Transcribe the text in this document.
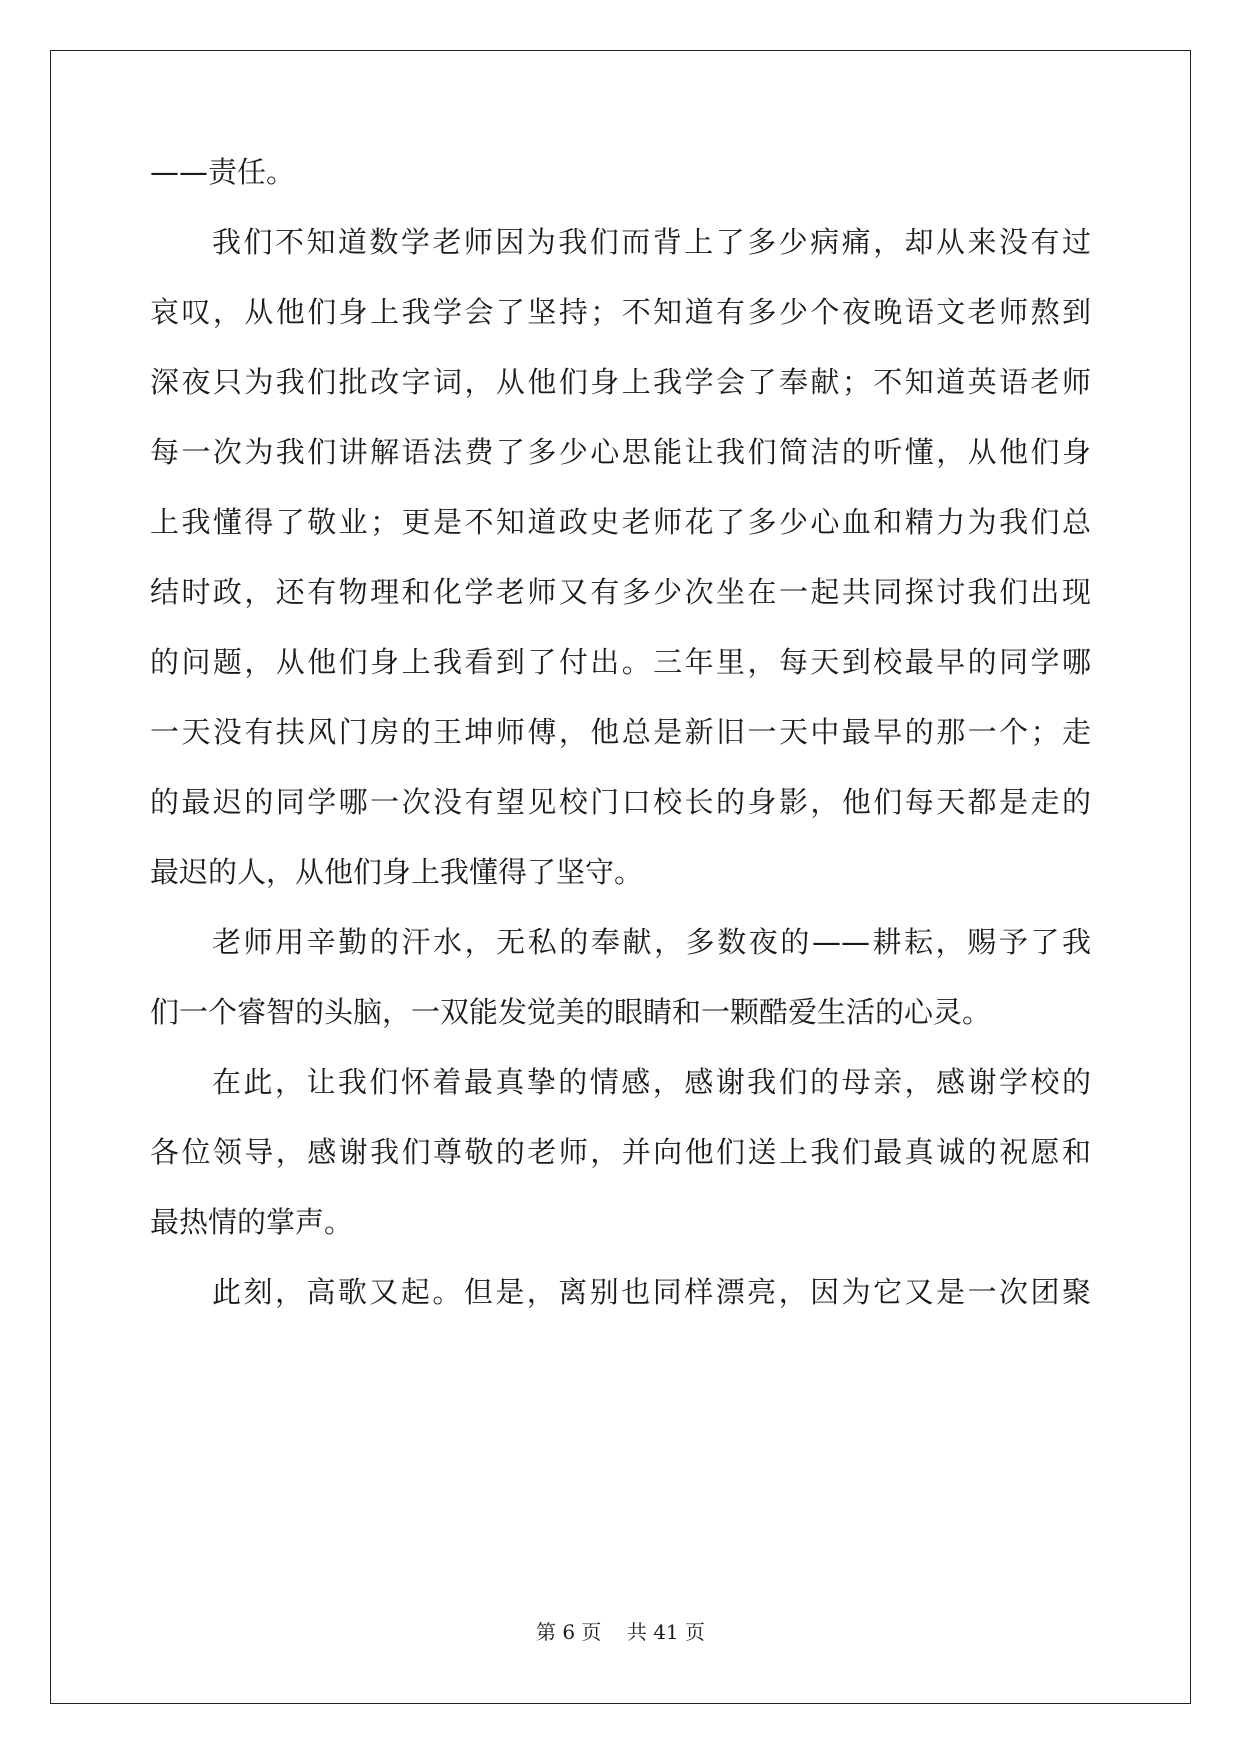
——责任。
我们不知道数学老师因为我们而背上了多少病痛，却从来没有过
哀叹，从他们身上我学会了坚持；不知道有多少个夜晚语文老师熬到
深夜只为我们批改字词，从他们身上我学会了奉献；不知道英语老师
每一次为我们讲解语法费了多少心思能让我们简洁的听懂，从他们身
上我懂得了敬业；更是不知道政史老师花了多少心血和精力为我们总
结时政，还有物理和化学老师又有多少次坐在一起共同探讨我们出现
的问题，从他们身上我看到了付出。三年里，每天到校最早的同学哪
一天没有扶风门房的王坤师傅，他总是新旧一天中最早的那一个；走
的最迟的同学哪一次没有望见校门口校长的身影，他们每天都是走的
最迟的人，从他们身上我懂得了坚守。
老师用辛勤的汗水，无私的奉献，多数夜的——耕耘，赐予了我
们一个睿智的头脑，一双能发觉美的眼睛和一颗酷爱生活的心灵。
在此，让我们怀着最真挚的情感，感谢我们的母亲，感谢学校的
各位领导，感谢我们尊敬的老师，并向他们送上我们最真诚的祝愿和
最热情的掌声。
此刻，高歌又起。但是，离别也同样漂亮，因为它又是一次团聚
第 6 页    共 41 页
